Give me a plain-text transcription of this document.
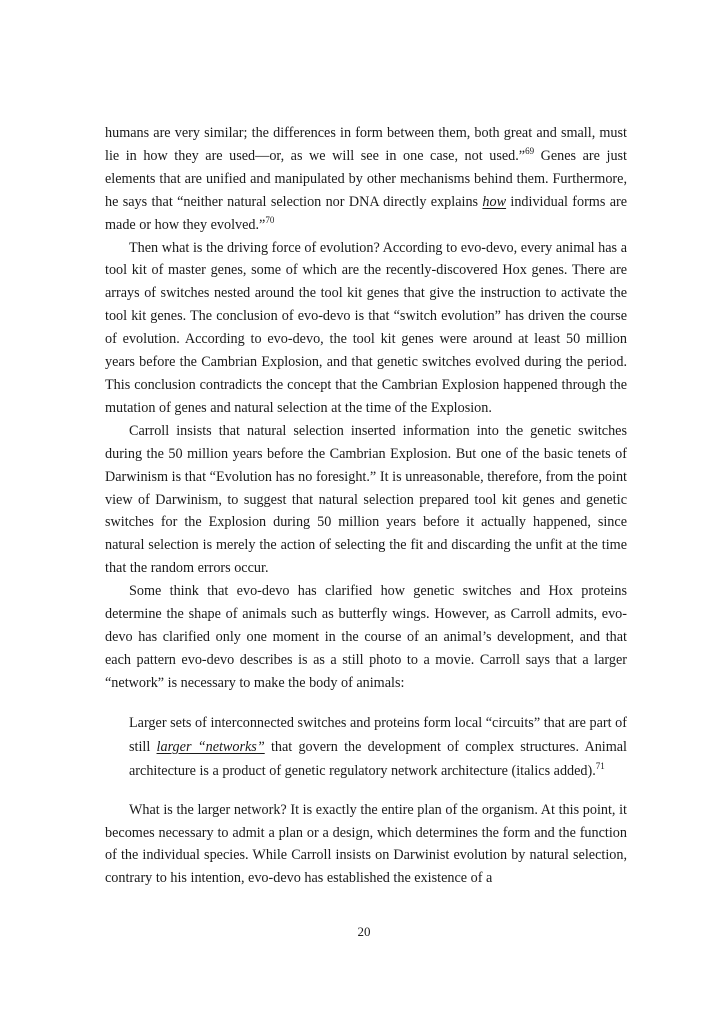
humans are very similar; the differences in form between them, both great and small, must lie in how they are used—or, as we will see in one case, not used.”$^{69}$ Genes are just elements that are unified and manipulated by other mechanisms behind them. Furthermore, he says that “neither natural selection nor DNA directly explains how individual forms are made or how they evolved.”$^{70}$

Then what is the driving force of evolution? According to evo-devo, every animal has a tool kit of master genes, some of which are the recently-discovered Hox genes. There are arrays of switches nested around the tool kit genes that give the instruction to activate the tool kit genes. The conclusion of evo-devo is that “switch evolution” has driven the course of evolution. According to evo-devo, the tool kit genes were around at least 50 million years before the Cambrian Explosion, and that genetic switches evolved during the period. This conclusion contradicts the concept that the Cambrian Explosion happened through the mutation of genes and natural selection at the time of the Explosion.

Carroll insists that natural selection inserted information into the genetic switches during the 50 million years before the Cambrian Explosion. But one of the basic tenets of Darwinism is that “Evolution has no foresight.” It is unreasonable, therefore, from the point view of Darwinism, to suggest that natural selection prepared tool kit genes and genetic switches for the Explosion during 50 million years before it actually happened, since natural selection is merely the action of selecting the fit and discarding the unfit at the time that the random errors occur.

Some think that evo-devo has clarified how genetic switches and Hox proteins determine the shape of animals such as butterfly wings. However, as Carroll admits, evo-devo has clarified only one moment in the course of an animal’s development, and that each pattern evo-devo describes is as a still photo to a movie. Carroll says that a larger “network” is necessary to make the body of animals:

Larger sets of interconnected switches and proteins form local “circuits” that are part of still larger “networks” that govern the development of complex structures. Animal architecture is a product of genetic regulatory network architecture (italics added).$^{71}$

What is the larger network? It is exactly the entire plan of the organism. At this point, it becomes necessary to admit a plan or a design, which determines the form and the function of the individual species. While Carroll insists on Darwinist evolution by natural selection, contrary to his intention, evo-devo has established the existence of a

20
